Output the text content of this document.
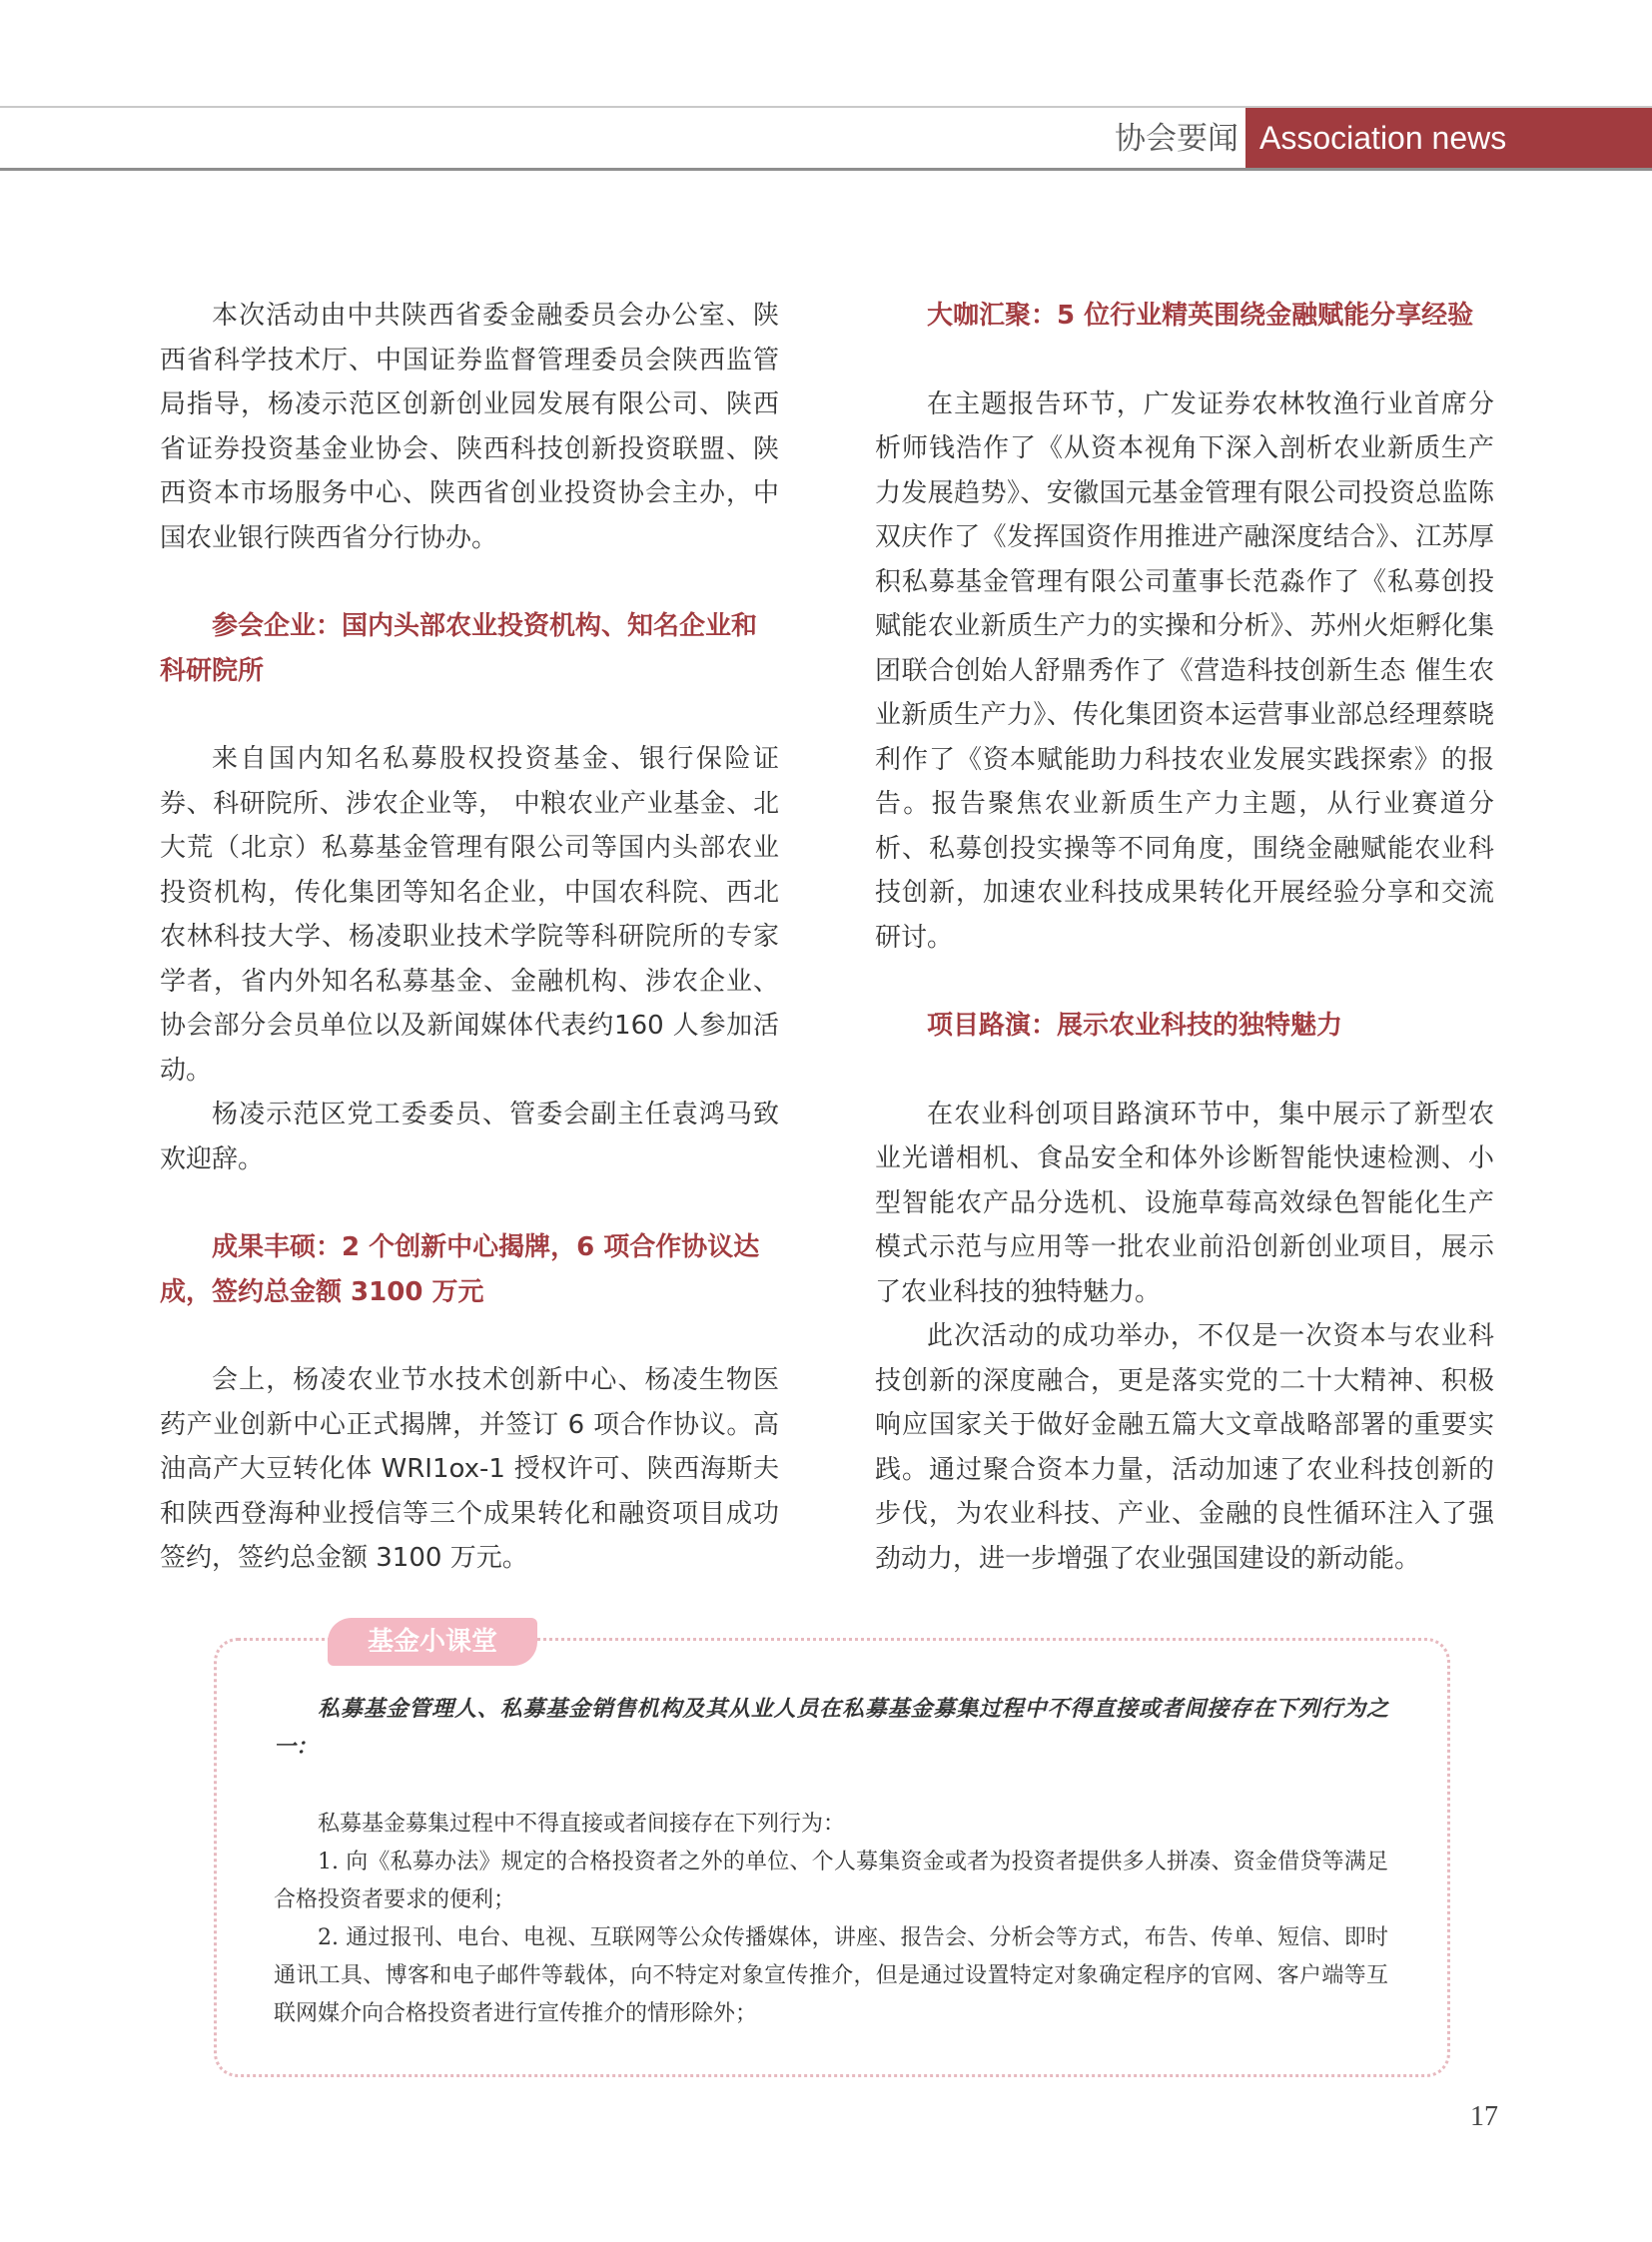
协会要闻 Association news

本次活动由中共陕西省委金融委员会办公室、陕西省科学技术厅、中国证券监督管理委员会陕西监管局指导，杨凌示范区创新创业园发展有限公司、陕西省证券投资基金业协会、陕西科技创新投资联盟、陕西资本市场服务中心、陕西省创业投资协会主办，中国农业银行陕西省分行协办。

参会企业：国内头部农业投资机构、知名企业和科研院所

来自国内知名私募股权投资基金、银行保险证券、科研院所、涉农企业等， 中粮农业产业基金、北大荒（北京）私募基金管理有限公司等国内头部农业投资机构，传化集团等知名企业，中国农科院、西北农林科技大学、杨凌职业技术学院等科研院所的专家学者，省内外知名私募基金、金融机构、涉农企业、协会部分会员单位以及新闻媒体代表约160 人参加活动。

杨凌示范区党工委委员、管委会副主任袁鸿马致欢迎辞。

成果丰硕：2 个创新中心揭牌，6 项合作协议达成，签约总金额 3100 万元

会上，杨凌农业节水技术创新中心、杨凌生物医药产业创新中心正式揭牌，并签订 6 项合作协议。高油高产大豆转化体 WRI1ox-1 授权许可、陕西海斯夫和陕西登海种业授信等三个成果转化和融资项目成功签约，签约总金额 3100 万元。

大咖汇聚：5 位行业精英围绕金融赋能分享经验

在主题报告环节，广发证券农林牧渔行业首席分析师钱浩作了《从资本视角下深入剖析农业新质生产力发展趋势》、安徽国元基金管理有限公司投资总监陈双庆作了《发挥国资作用推进产融深度结合》、江苏厚积私募基金管理有限公司董事长范淼作了《私募创投赋能农业新质生产力的实操和分析》、苏州火炬孵化集团联合创始人舒鼎秀作了《营造科技创新生态 催生农业新质生产力》、传化集团资本运营事业部总经理蔡晓利作了《资本赋能助力科技农业发展实践探索》的报告。报告聚焦农业新质生产力主题，从行业赛道分析、私募创投实操等不同角度，围绕金融赋能农业科技创新，加速农业科技成果转化开展经验分享和交流研讨。

项目路演：展示农业科技的独特魅力

在农业科创项目路演环节中，集中展示了新型农业光谱相机、食品安全和体外诊断智能快速检测、小型智能农产品分选机、设施草莓高效绿色智能化生产模式示范与应用等一批农业前沿创新创业项目，展示了农业科技的独特魅力。

此次活动的成功举办，不仅是一次资本与农业科技创新的深度融合，更是落实党的二十大精神、积极响应国家关于做好金融五篇大文章战略部署的重要实践。通过聚合资本力量，活动加速了农业科技创新的步伐，为农业科技、产业、金融的良性循环注入了强劲动力，进一步增强了农业强国建设的新动能。

基金小课堂
私募基金管理人、私募基金销售机构及其从业人员在私募基金募集过程中不得直接或者间接存在下列行为之一：

私募基金募集过程中不得直接或者间接存在下列行为：

1. 向《私募办法》规定的合格投资者之外的单位、个人募集资金或者为投资者提供多人拼凑、资金借贷等满足合格投资者要求的便利；

2. 通过报刊、电台、电视、互联网等公众传播媒体，讲座、报告会、分析会等方式，布告、传单、短信、即时通讯工具、博客和电子邮件等载体，向不特定对象宣传推介，但是通过设置特定对象确定程序的官网、客户端等互联网媒介向合格投资者进行宣传推介的情形除外；

17
